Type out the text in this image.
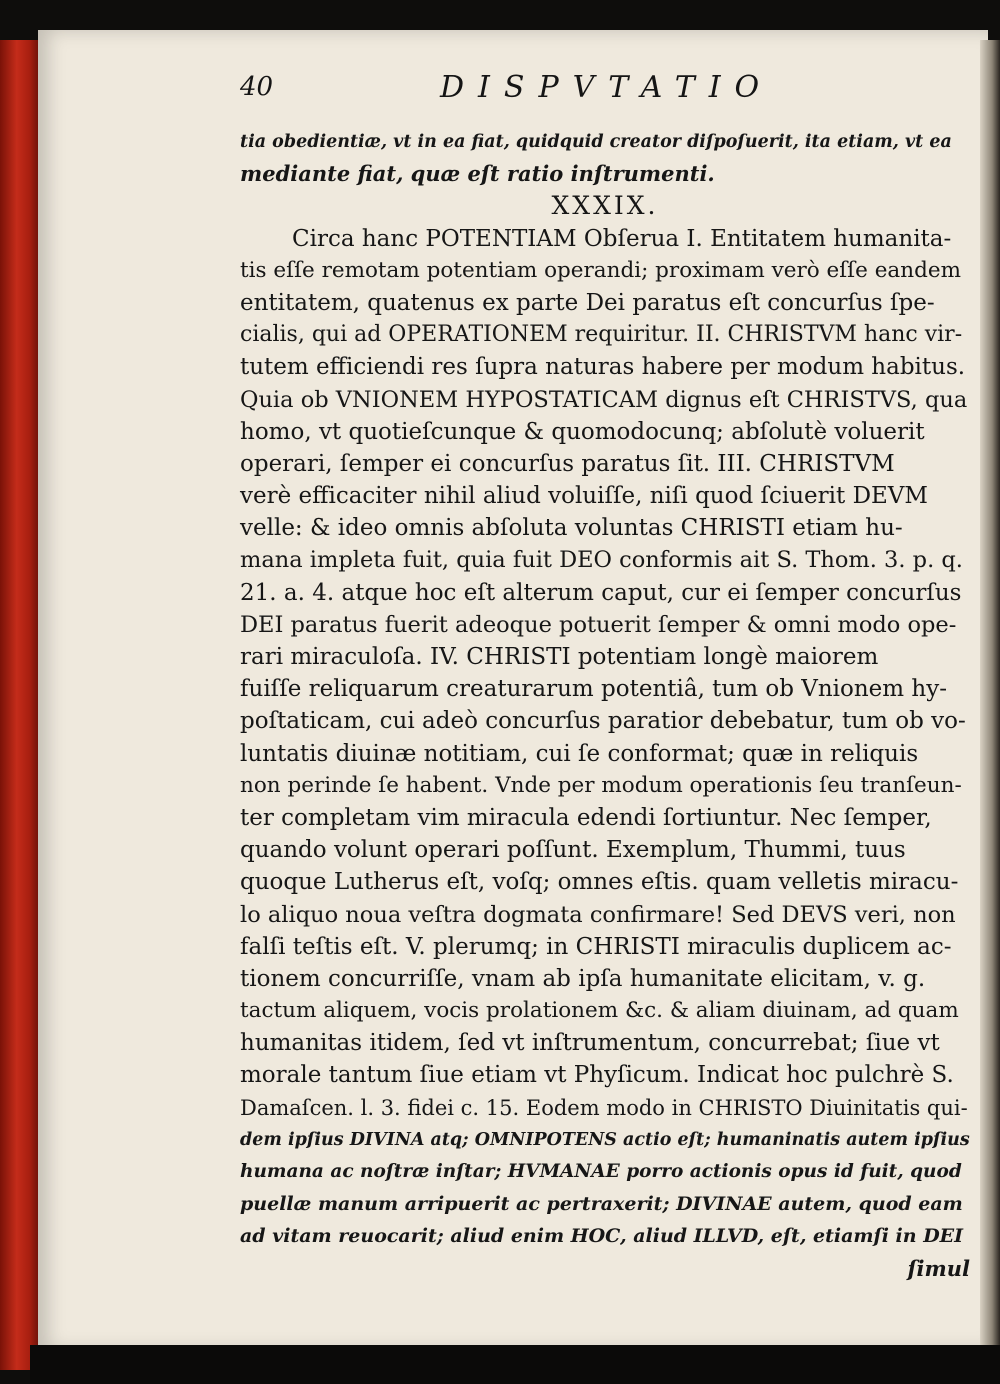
40	DISPVTATIO
tia obedientiæ, vt in ea fiat, quidquid creator diſpoſuerit, ita etiam, vt ea
mediante fiat, quæ eſt ratio inſtrumenti.
XXXIX.
Circa hanc POTENTIAM Obſerua I. Entitatem humanita-
tis eſſe remotam potentiam operandi; proximam verò eſſe eandem
entitatem, quatenus ex parte Dei paratus eſt concurſus ſpe-
cialis, qui ad OPERATIONEM requiritur. II. CHRISTVM hanc vir-
tutem efficiendi res ſupra naturas habere per modum habitus.
Quia ob VNIONEM HYPOSTATICAM dignus eſt CHRISTVS, qua
homo, vt quotieſcunque & quomodocunq; abſolutè voluerit
operari, ſemper ei concurſus paratus ſit. III. CHRISTVM
verè efficaciter nihil aliud voluiſſe, niſi quod ſciuerit DEVM
velle: & ideo omnis abſoluta voluntas CHRISTI etiam hu-
mana impleta fuit, quia fuit DEO conformis ait S. Thom. 3. p. q.
21. a. 4. atque hoc eſt alterum caput, cur ei ſemper concurſus
DEI paratus fuerit adeoque potuerit ſemper & omni modo ope-
rari miraculoſa. IV. CHRISTI potentiam longè maiorem
fuiſſe reliquarum creaturarum potentiâ, tum ob Vnionem hy-
poſtaticam, cui adeò concurſus paratior debebatur, tum ob vo-
luntatis diuinæ notitiam, cui ſe conformat; quæ in reliquis
non perinde ſe habent. Vnde per modum operationis ſeu tranſeun-
ter completam vim miracula edendi ſortiuntur. Nec ſemper,
quando volunt operari poſſunt. Exemplum, Thummi, tuus
quoque Lutherus eſt, voſq; omnes eſtis. quam velletis miracu-
lo aliquo noua veſtra dogmata confirmare! Sed DEVS veri, non
falſi teſtis eſt. V. plerumq; in CHRISTI miraculis duplicem ac-
tionem concurriſſe, vnam ab ipſa humanitate elicitam, v. g.
tactum aliquem, vocis prolationem &c. & aliam diuinam, ad quam
humanitas itidem, ſed vt inſtrumentum, concurrebat; ſiue vt
morale tantum ſiue etiam vt Phyſicum. Indicat hoc pulchrè S.
Damaſcen. l. 3. fidei c. 15. Eodem modo in CHRISTO Diuinitatis qui-
dem ipſius DIVINA atq; OMNIPOTENS actio eſt; humaninatis autem ipſius
humana ac noſtræ inſtar; HVMANAE porro actionis opus id fuit, quod
puellæ manum arripuerit ac pertraxerit; DIVINAE autem, quod eam
ad vitam reuocarit; aliud enim HOC, aliud ILLVD, eſt, etiamſi in DEI
ſimul
